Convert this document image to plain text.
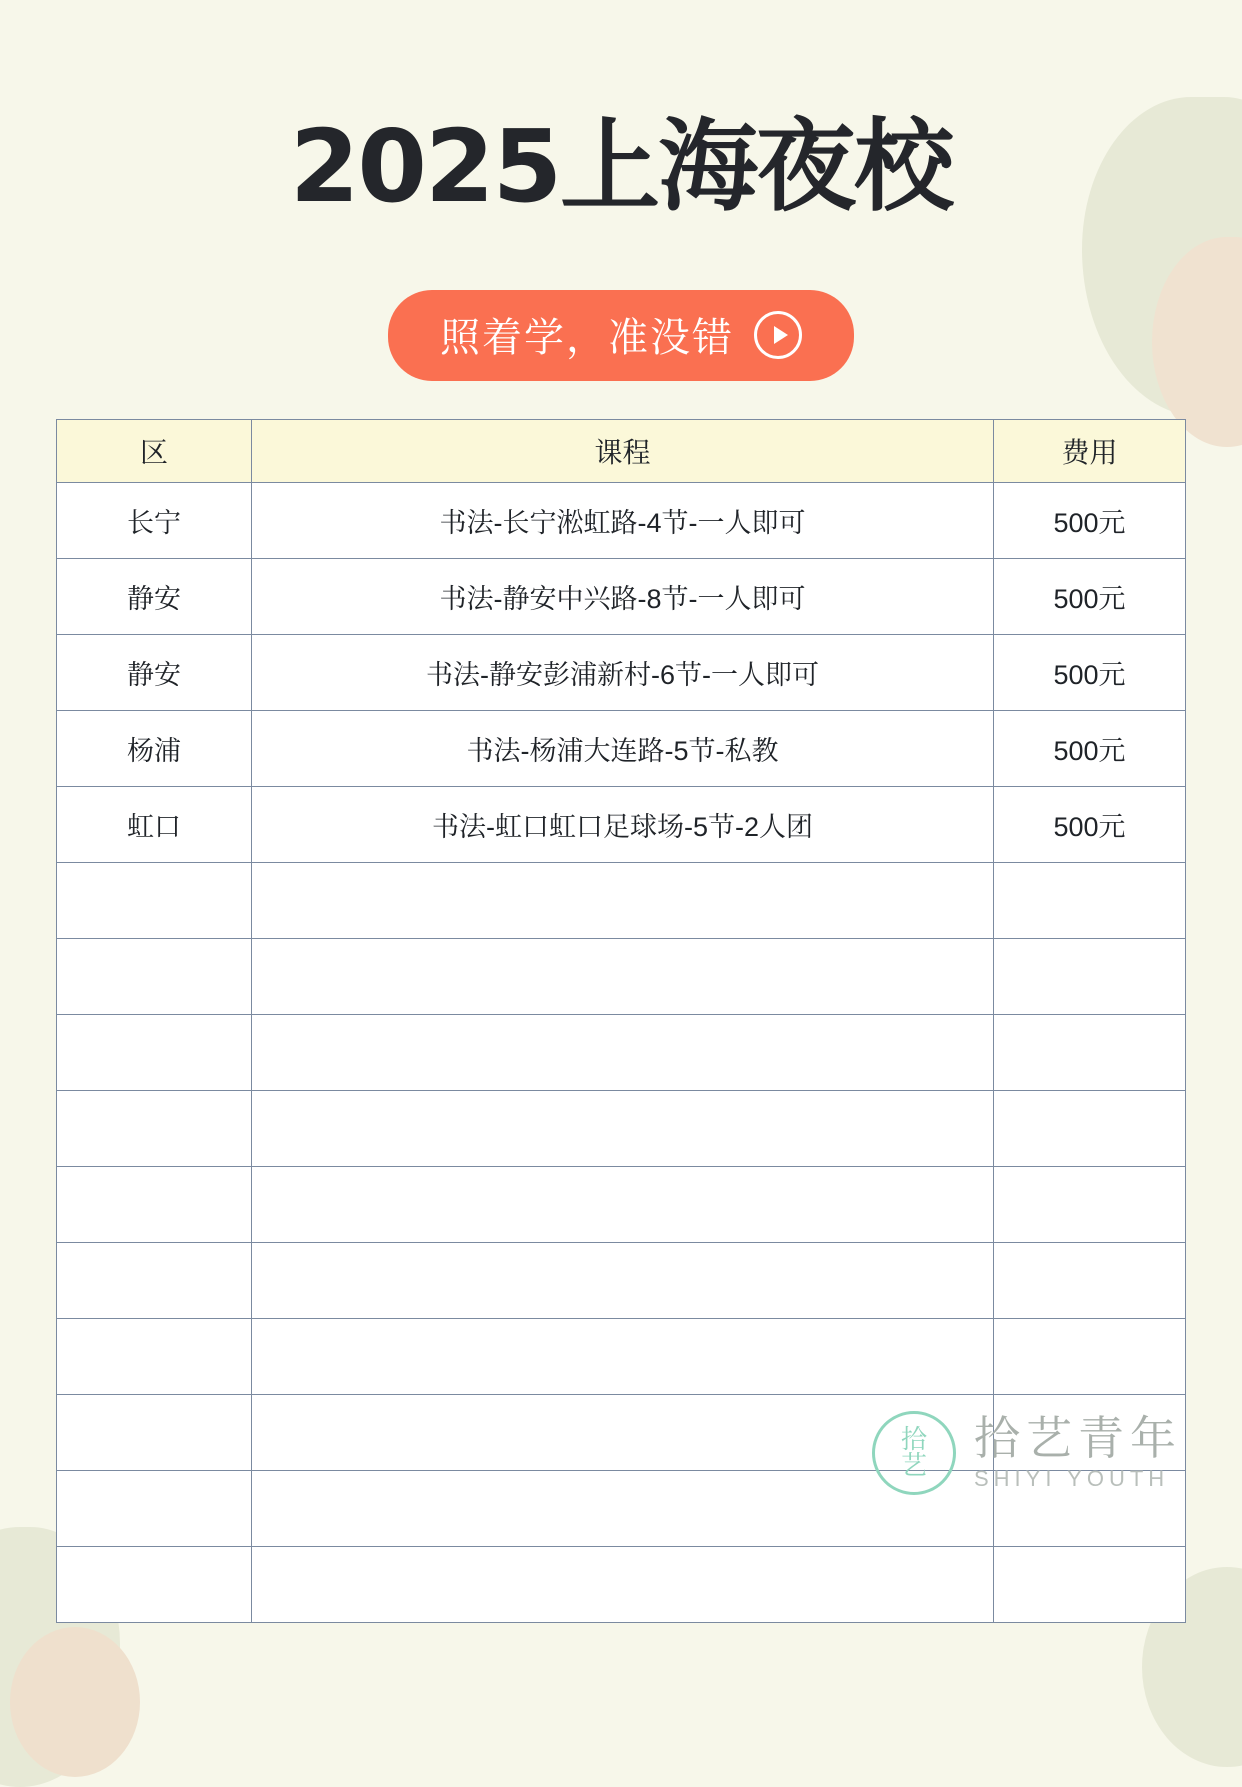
2025上海夜校
照着学，准没错
区	课程	费用
长宁	书法-长宁淞虹路-4节-一人即可	500元
静安	书法-静安中兴路-8节-一人即可	500元
静安	书法-静安彭浦新村-6节-一人即可	500元
杨浦	书法-杨浦大连路-5节-私教	500元
虹口	书法-虹口虹口足球场-5节-2人团	500元

拾
艺
拾艺青年
SHIYI YOUTH
